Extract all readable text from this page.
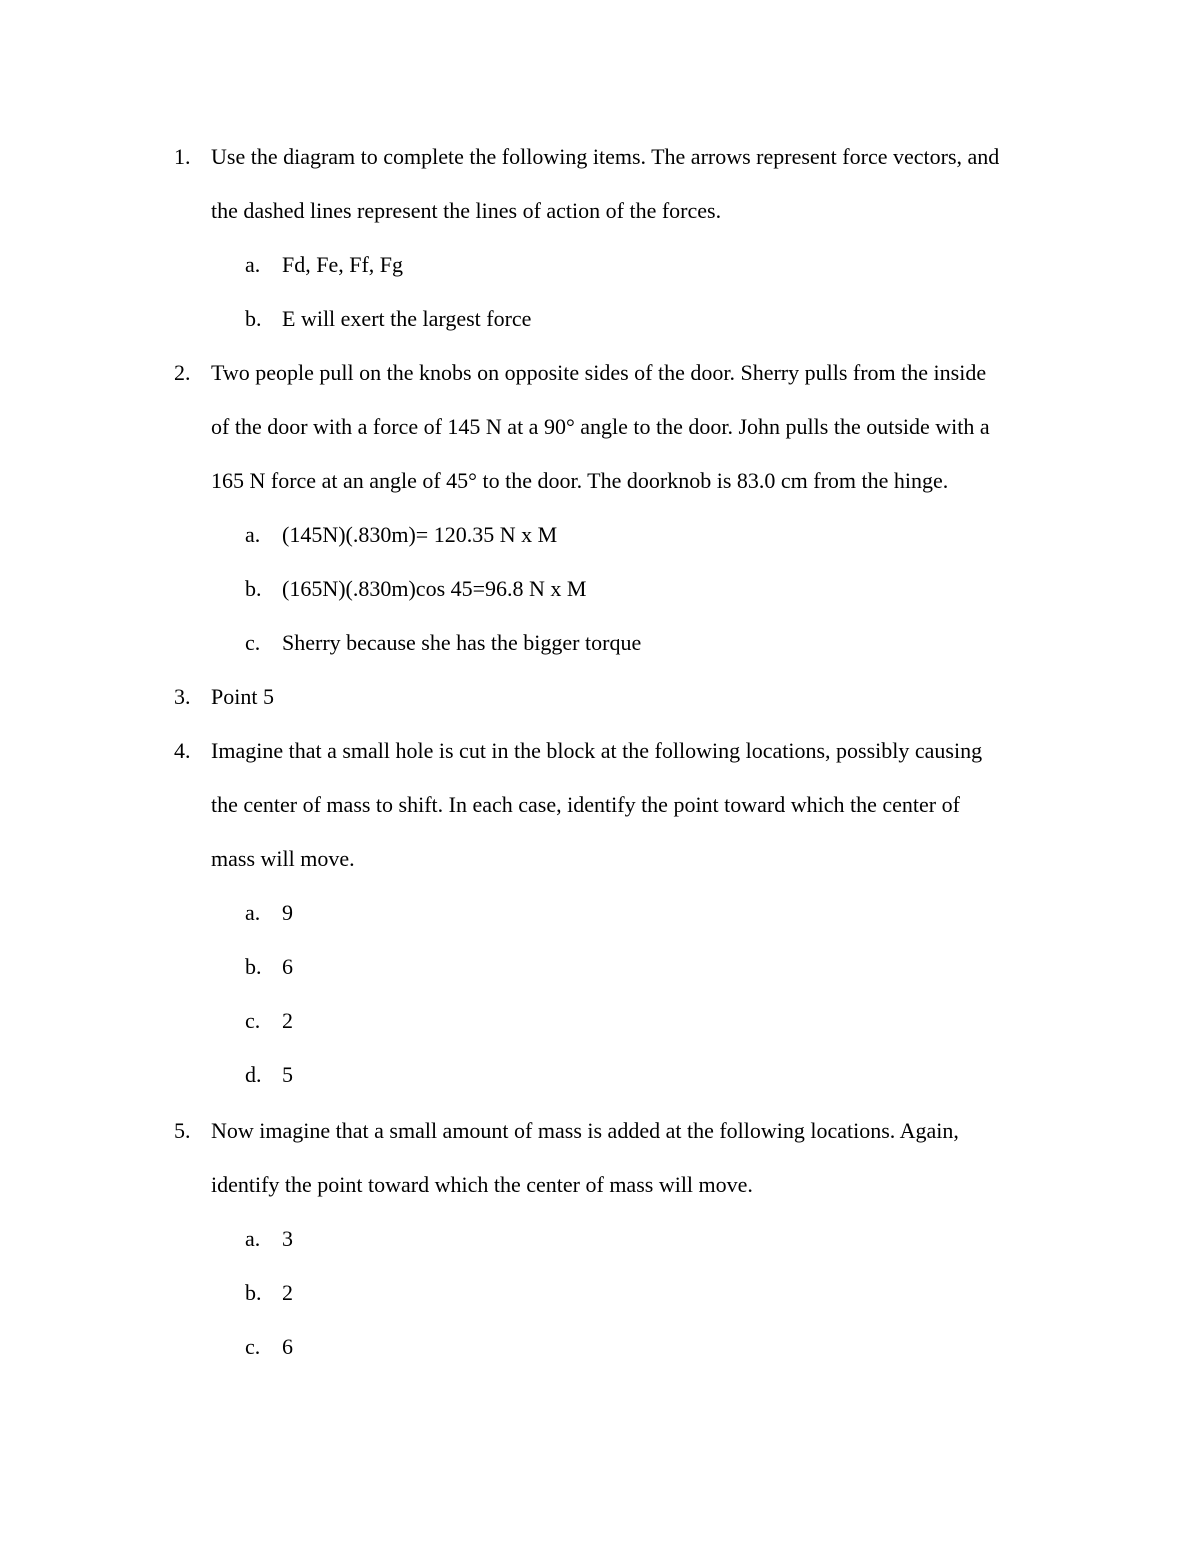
1. Use the diagram to complete the following items. The arrows represent force vectors, and
the dashed lines represent the lines of action of the forces.
a. Fd, Fe, Ff, Fg
b. E will exert the largest force
2. Two people pull on the knobs on opposite sides of the door. Sherry pulls from the inside
of the door with a force of 145 N at a 90° angle to the door. John pulls the outside with a
165 N force at an angle of 45° to the door. The doorknob is 83.0 cm from the hinge.
a. (145N)(.830m)= 120.35 N x M
b. (165N)(.830m)cos 45=96.8 N x M
c. Sherry because she has the bigger torque
3. Point 5
4. Imagine that a small hole is cut in the block at the following locations, possibly causing
the center of mass to shift. In each case, identify the point toward which the center of
mass will move.
a. 9
b. 6
c. 2
d. 5
5. Now imagine that a small amount of mass is added at the following locations. Again,
identify the point toward which the center of mass will move.
a. 3
b. 2
c. 6
